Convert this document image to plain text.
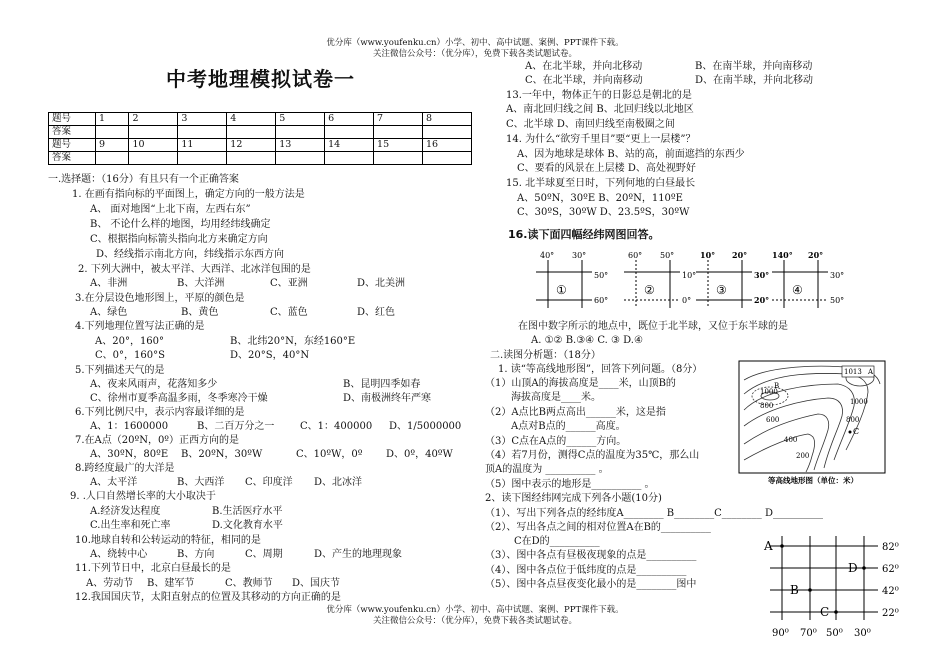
优分库（www.youfenku.cn）小学、初中、高中试题、案例、PPT课件下载。
关注微信公众号：（优分库），免费下载各类试题试卷。
中考地理模拟试卷一
题号	1	2	3	4	5	6	7	8
答案								
题号	9	10	11	12	13	14	15	16
答案								
一.选择题：（16分）有且只有一个正确答案
1. 在画有指向标的平面图上，确定方向的一般方法是
A、 面对地图“上北下南，左西右东”
B、 不论什么样的地图，均用经纬线确定
C、根据指向标箭头指向北方来确定方向
D、经线指示南北方向，纬线指示东西方向
2. 下列大洲中，被太平洋、大西洋、北冰洋包围的是
A、非洲	B、大洋洲	C、亚洲	D、北美洲
3.在分层设色地形图上，平原的颜色是
A、绿色	B、黄色	C、蓝色	D、红色
4.下列地理位置写法正确的是
A、20°，160°	B、北纬20°N，东经160°E
C、0°，160°S	D、20°S，40°N
5.下列描述天气的是
A、夜来风雨声，花落知多少	B、昆明四季如春
C、徐州市夏季高温多雨，冬季寒冷干燥	D、南极洲终年严寒
6.下列比例尺中，表示内容最详细的是
A、1：1600000	B、二百万分之一	C、1：400000 D、1/5000000
7.在A点（20ºN，0º）正西方向的是
A、30ºN，80ºE B、20ºN，30ºW	C、10ºW，0º D、0º，40ºW
8.跨经度最广的大洋是
A、太平洋	B、大西洋 C、印度洋 D、北冰洋
9. .人口自然增长率的大小取决于
A.经济发达程度	B.生活医疗水平
C.出生率和死亡率	D.文化教育水平
10.地球自转和公转运动的特征，相同的是
A、绕转中心	B、方向	C、周期	D、产生的地理现象
11.下列节日中，北京白昼最长的是
A、劳动节 B、建军节	C、教师节 D、国庆节
12.我国国庆节，太阳直射点的位置及其移动的方向正确的是
A、在北半球，并向北移动	B、在南半球，并向南移动
C、在北半球，并向南移动	D、在南半球，并向北移动
13.一年中，物体正午的日影总是朝北的是
A、南北回归线之间 B、北回归线以北地区
C、北半球 D、南回归线至南极圈之间
14. 为什么“欲穷千里目”要“更上一层楼”？
A、因为地球是球体 B、站的高，前面遮挡的东西少
C、要看的风景在上层楼 D、高处视野好
15. 北半球夏至日时，下列何地的白昼最长
A、50ºN，30ºE B、20ºN，110ºE
C、30ºS，30ºW D、23.5ºS，30ºW
16.读下面四幅经纬网图回答。
40° 30°
50°
60°
①
60° 50°
10°
0°
②
10° 20°
30°
20°
③
140° 20°
30°
50°
④
在图中数字所示的地点中，既位于北半球，又位于东半球的是
A. ①② B.③④ C. ③ D.④
二.读图分析题：（18分）
1. 读“等高线地形图”，回答下列问题。（8分）
（1）山顶A的海拔高度是____米，山顶B的
海拔高度是____米。
（2）A点比B两点高出______米，这是指
A点对B点的______高度。
（3）C点在A点的______方向。
（4）若7月份，测得C点的温度为35℃，那么山
顶A的温度为 __________ 。
（5）图中表示的地形是__________ 。
1013 A
1000
800
600
400
200
1000
800
B
C
等高线地形图（单位：米）
2、读下图经纬网完成下列各小题(10分)
（1）、写出下列各点的经纬度A________ B________C________ D__________
（2）、写出各点之间的相对位置A在B的__________
C在D的__________
（3）、图中各点有昼极夜现象的点是__________
（4）、图中各点位于低纬度的点是__________
（5）、图中各点昼夜变化最小的是________图中
A
B
C
D
82⁰
62⁰
42⁰
22⁰
90⁰ 70⁰ 50⁰ 30⁰
优分库（www.youfenku.cn）小学、初中、高中试题、案例、PPT课件下载。
关注微信公众号：（优分库），免费下载各类试题试卷。
